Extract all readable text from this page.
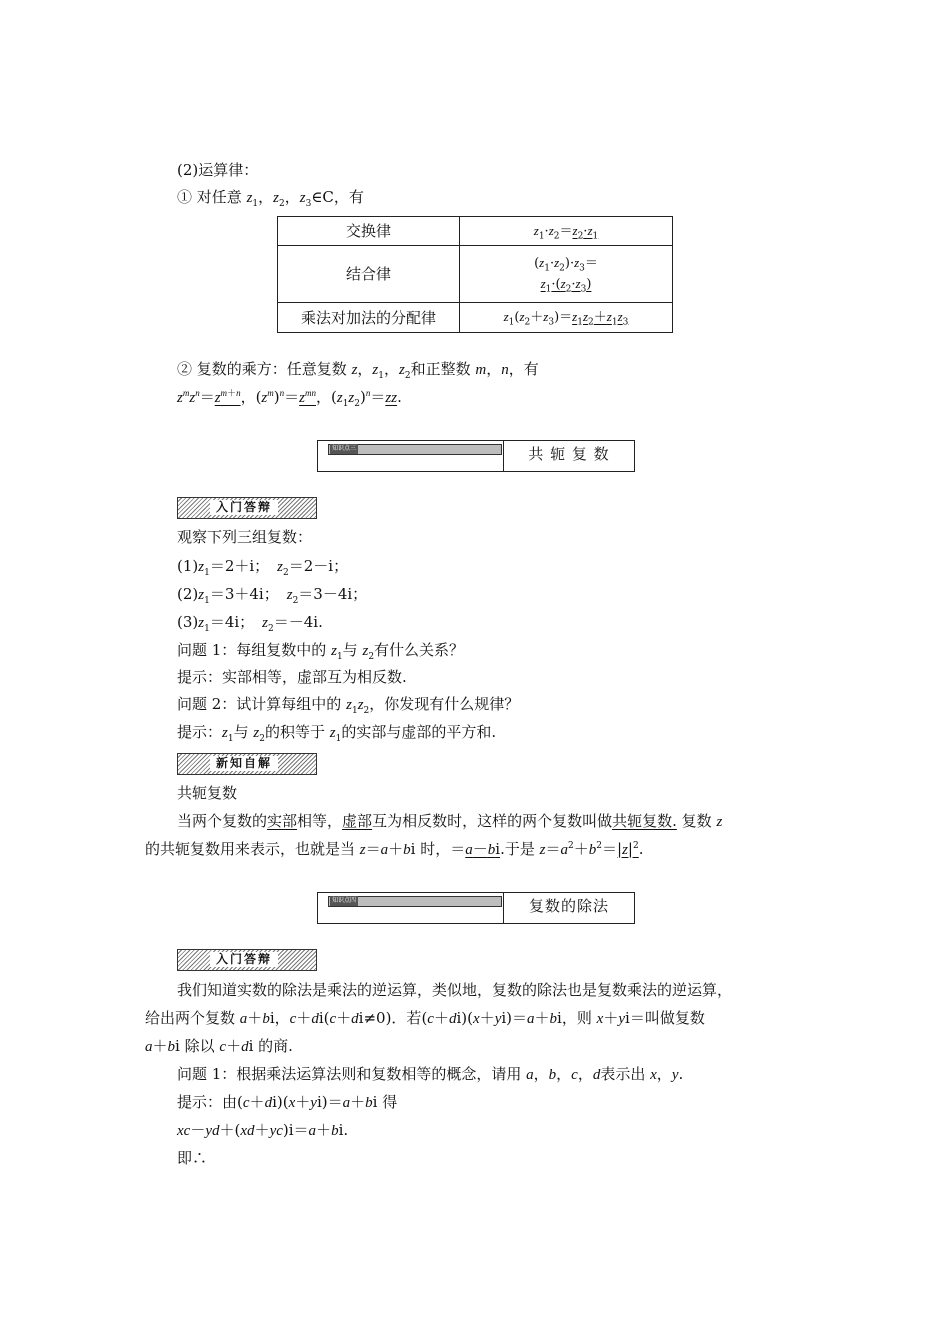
(2)运算律：
① 对任意 $z_1$，$z_2$，$z_3\in C$，有
交换律	$z_1\cdot z_2=z_2\cdot z_1$
结合律	$(z_1\cdot z_2)\cdot z_3=$
$z_1\cdot(z_2\cdot z_3)$
乘法对加法的分配律	$z_1(z_2+z_3)=z_1z_2+z_1z_3$
② 复数的乘方：任意复数 z，$z_1$，$z_2$和正整数 m，n，有
$z^mz^n=z^{m+n}$，$(z^m)^n=z^{mn}$，$(z_1z_2)^n=zz$.
知识点三	共 轭 复 数
入门答辩
观察下列三组复数：
$(1)z_1=2+i$； $z_2=2-i$；
$(2)z_1=3+4i$； $z_2=3-4i$；
$(3)z_1=4i$； $z_2=-4i$.
问题 1：每组复数中的 $z_1$与 $z_2$有什么关系？
提示：实部相等，虚部互为相反数.
问题 2：试计算每组中的 $z_1z_2$，你发现有什么规律？
提示：$z_1$与 $z_2$的积等于 $z_1$的实部与虚部的平方和.
新知自解
共轭复数
当两个复数的实部相等，虚部互为相反数时，这样的两个复数叫做共轭复数. 复数 z
的共轭复数用来表示，也就是当 z＝a＋bi 时，＝a－bi.于是 $z=a^2+b^2=|z|^2$.
知识点四	复数的除法
入门答辩
我们知道实数的除法是乘法的逆运算，类似地，复数的除法也是复数乘法的逆运算，
给出两个复数 a＋bi，c＋di(c＋di≠0)．若(c＋di)(x＋yi)＝a＋bi，则 x＋yi＝叫做复数
a＋bi 除以 c＋di 的商.
问题 1：根据乘法运算法则和复数相等的概念，请用 a，b，c，d表示出 x，y.
提示：由(c＋di)(x＋yi)＝a＋bi 得
xc－yd＋(xd＋yc)i＝a＋bi.
即∴
